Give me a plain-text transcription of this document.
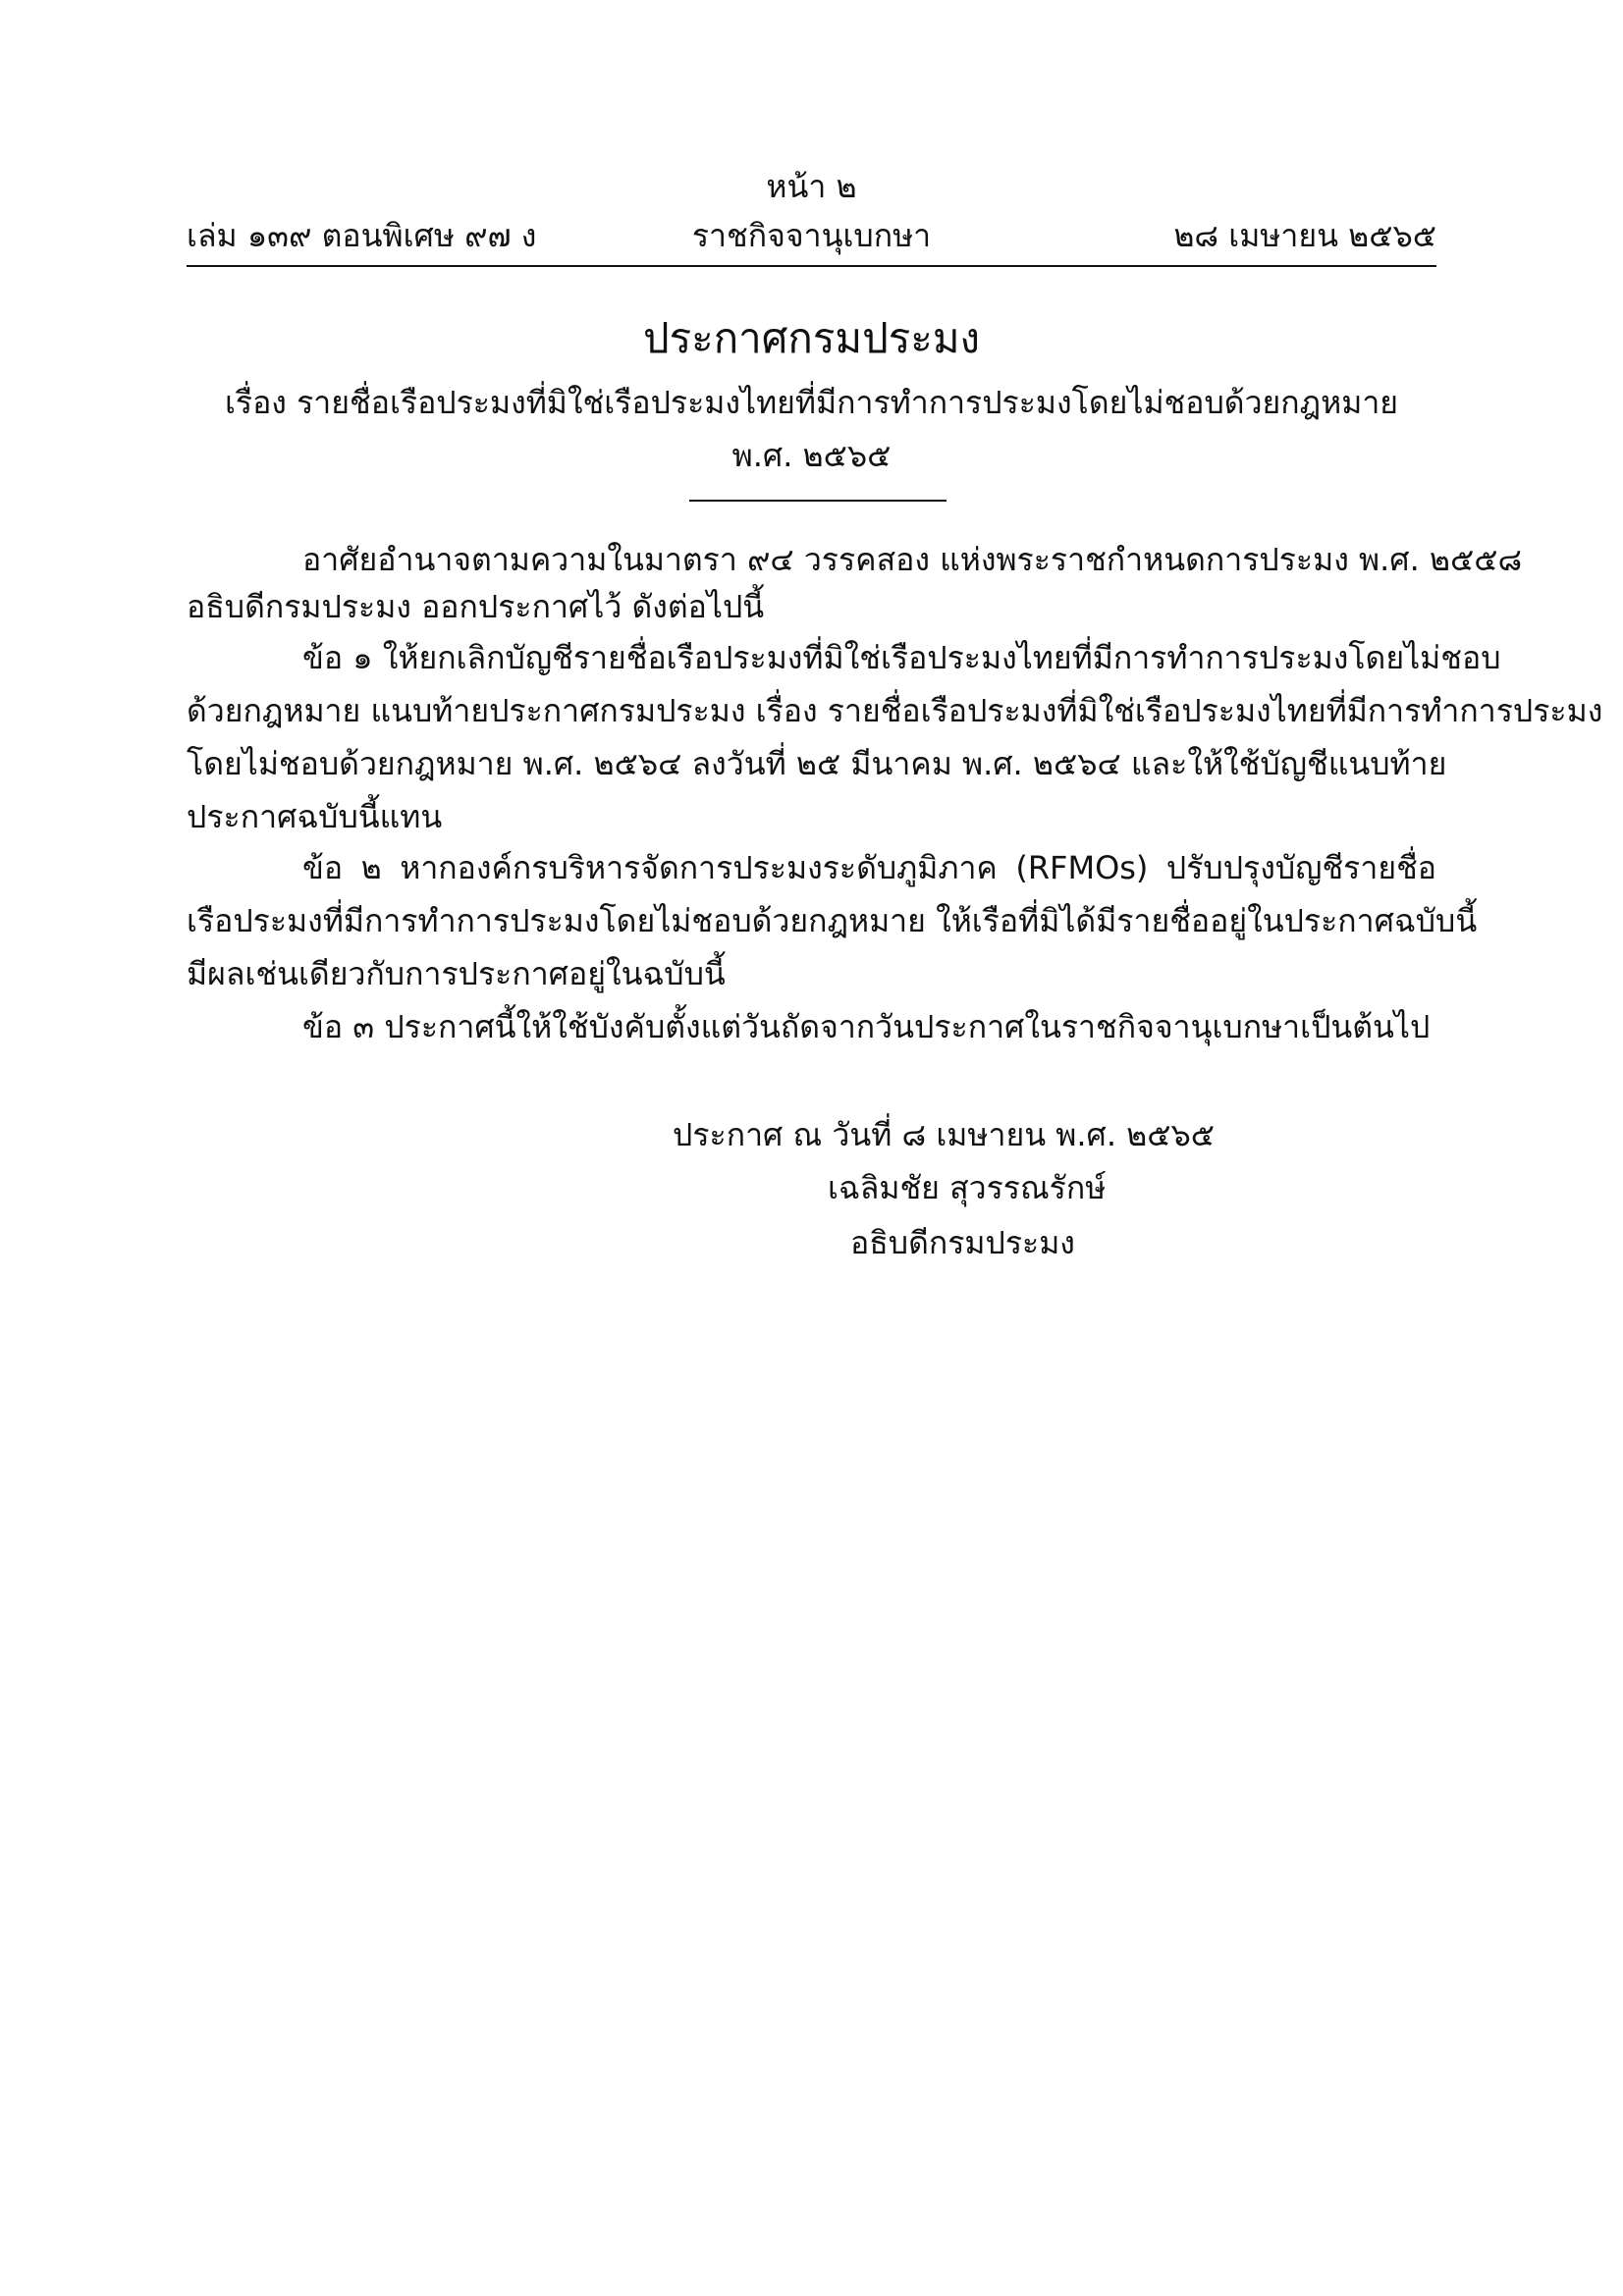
หน้า ๒
เล่ม ๑๓๙ ตอนพิเศษ ๙๗ ง	ราชกิจจานุเบกษา	๒๘ เมษายน ๒๕๖๕
ประกาศกรมประมง
เรื่อง รายชื่อเรือประมงที่มิใช่เรือประมงไทยที่มีการทำการประมงโดยไม่ชอบด้วยกฎหมาย
พ.ศ. ๒๕๖๕
อาศัยอำนาจตามความในมาตรา ๙๔ วรรคสอง แห่งพระราชกำหนดการประมง พ.ศ. ๒๕๕๘
อธิบดีกรมประมง ออกประกาศไว้ ดังต่อไปนี้
ข้อ ๑ ให้ยกเลิกบัญชีรายชื่อเรือประมงที่มิใช่เรือประมงไทยที่มีการทำการประมงโดยไม่ชอบ
ด้วยกฎหมาย แนบท้ายประกาศกรมประมง เรื่อง รายชื่อเรือประมงที่มิใช่เรือประมงไทยที่มีการทำการประมง
โดยไม่ชอบด้วยกฎหมาย พ.ศ. ๒๕๖๔ ลงวันที่ ๒๕ มีนาคม พ.ศ. ๒๕๖๔ และให้ใช้บัญชีแนบท้าย
ประกาศฉบับนี้แทน
ข้อ ๒ หากองค์กรบริหารจัดการประมงระดับภูมิภาค (RFMOs) ปรับปรุงบัญชีรายชื่อ
เรือประมงที่มีการทำการประมงโดยไม่ชอบด้วยกฎหมาย ให้เรือที่มิได้มีรายชื่ออยู่ในประกาศฉบับนี้
มีผลเช่นเดียวกับการประกาศอยู่ในฉบับนี้
ข้อ ๓ ประกาศนี้ให้ใช้บังคับตั้งแต่วันถัดจากวันประกาศในราชกิจจานุเบกษาเป็นต้นไป
ประกาศ ณ วันที่ ๘ เมษายน พ.ศ. ๒๕๖๕
เฉลิมชัย สุวรรณรักษ์
อธิบดีกรมประมง
